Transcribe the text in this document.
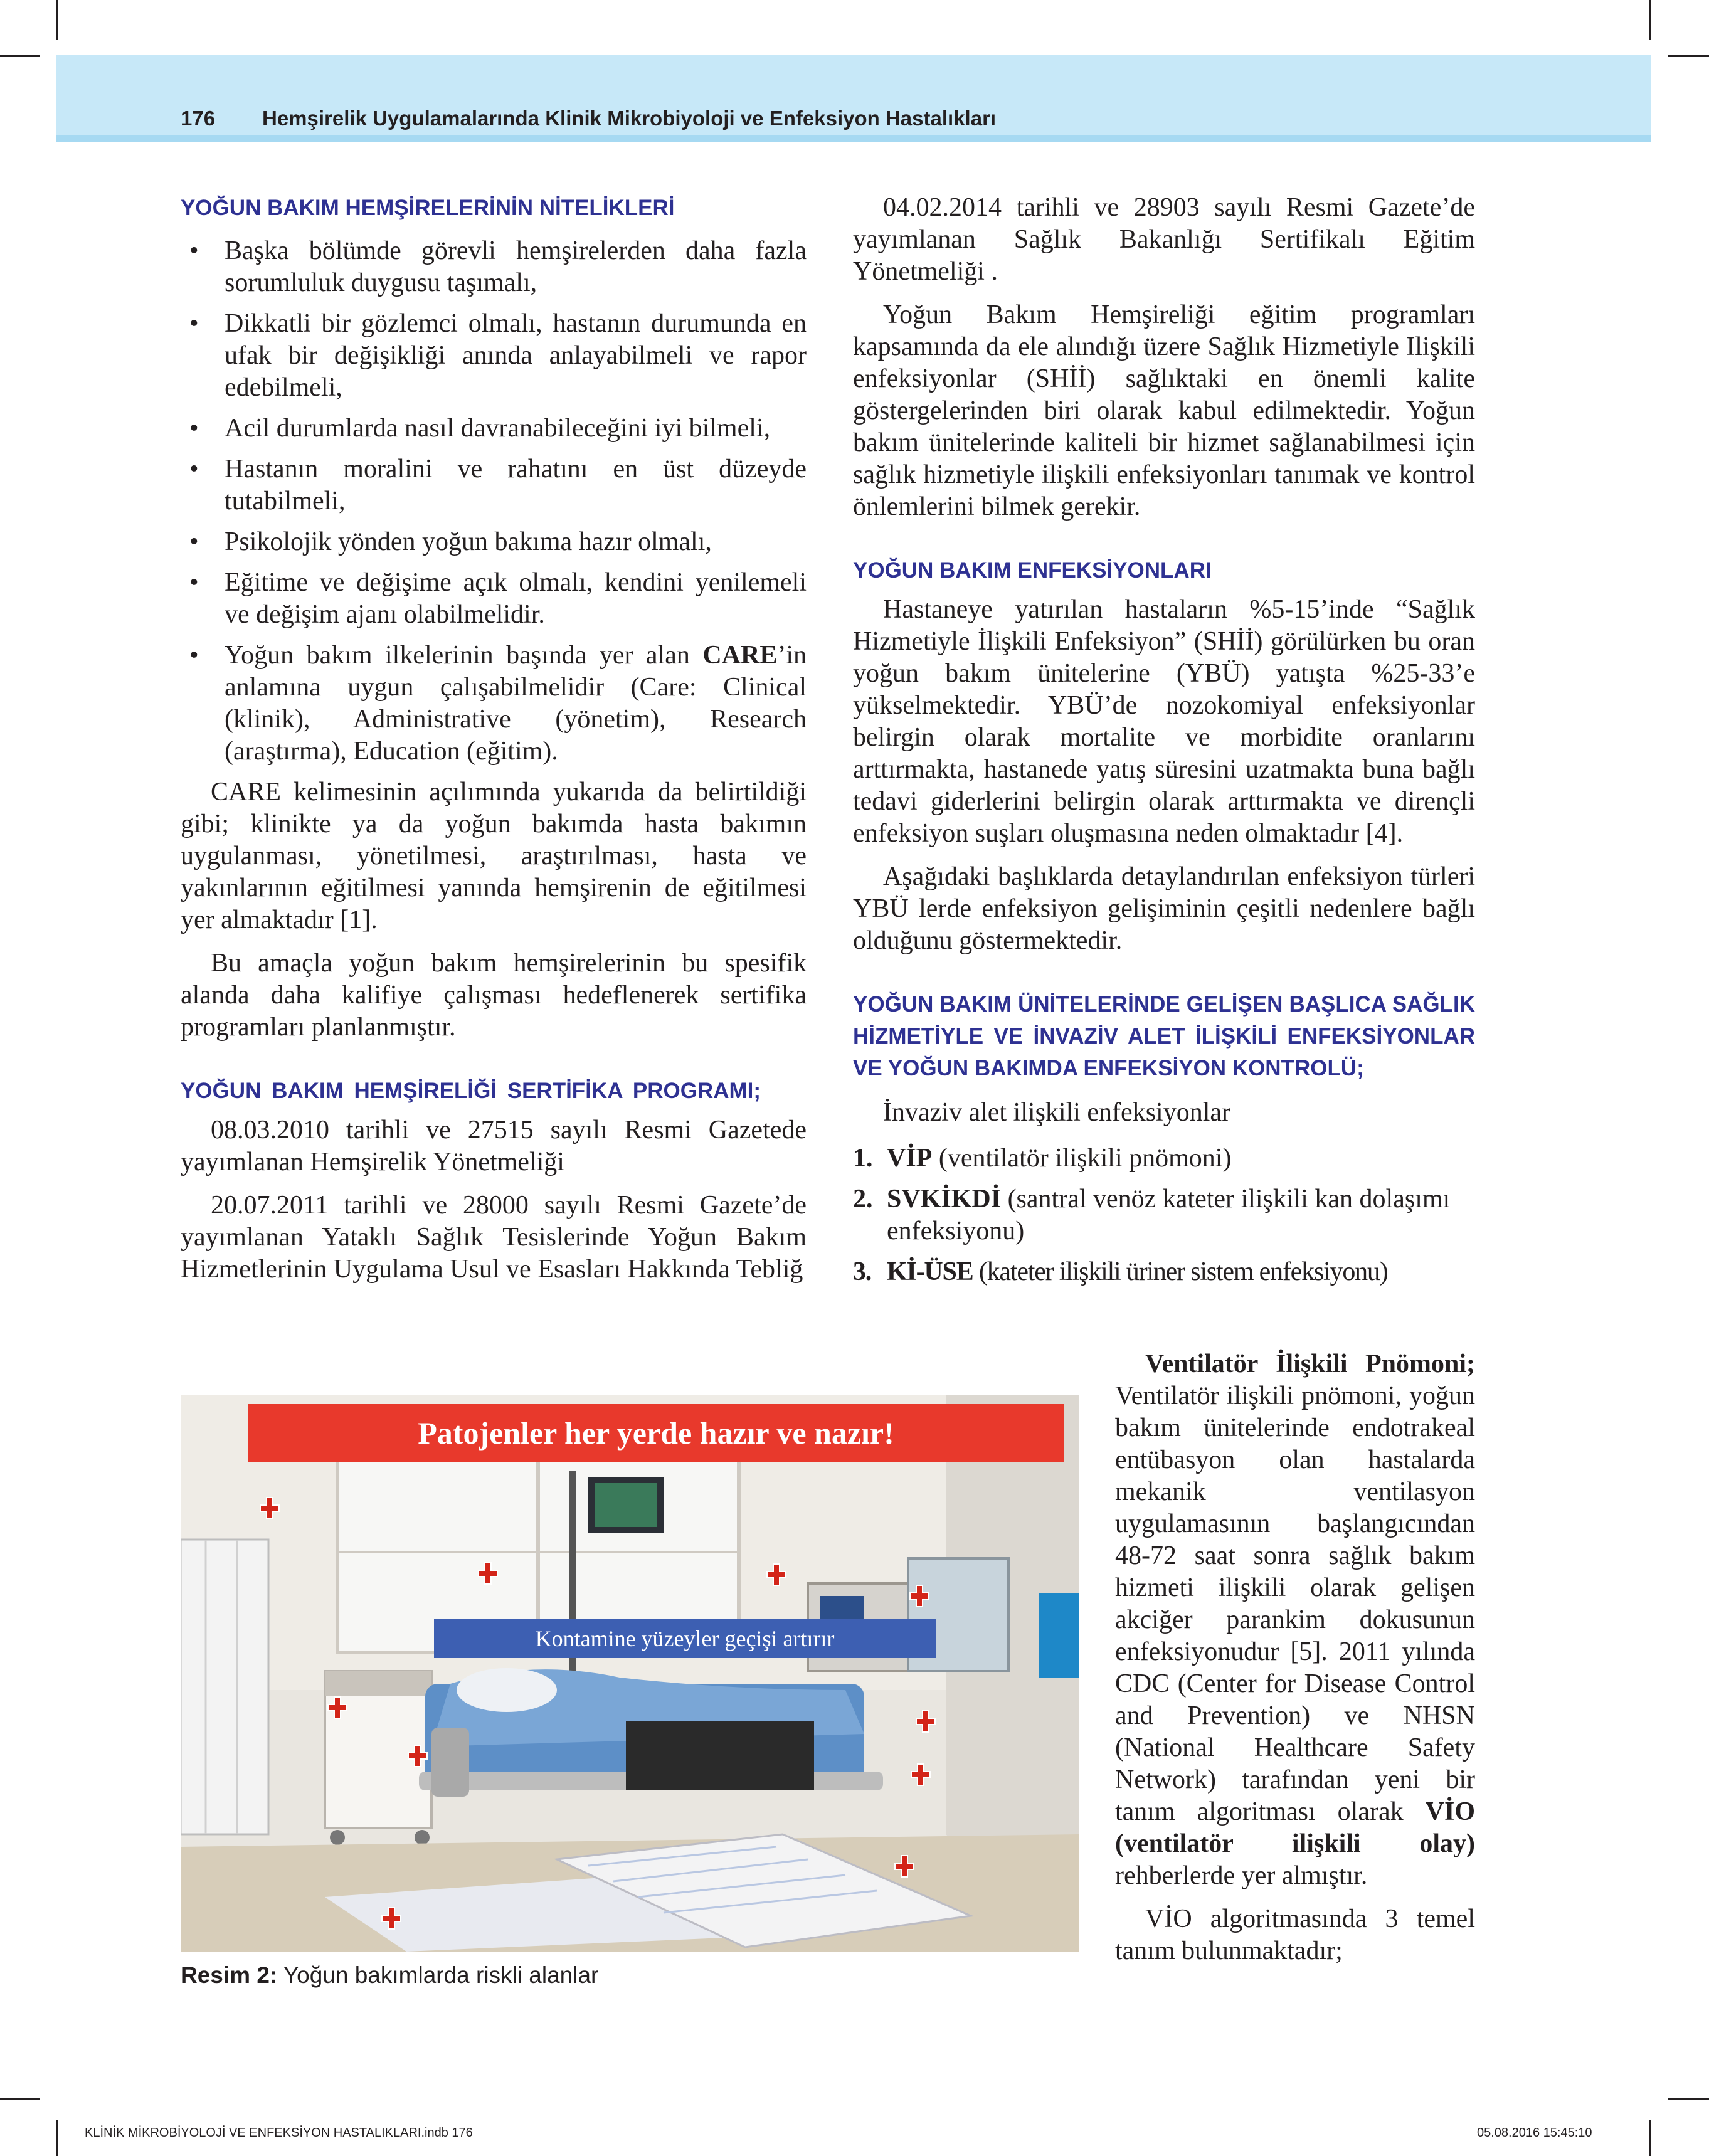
176 Hemşirelik Uygulamalarında Klinik Mikrobiyoloji ve Enfeksiyon Hastalıkları
YOĞUN BAKIM HEMŞİRELERİNİN NİTELİKLERİ
• Başka bölümde görevli hemşirelerden daha fazla sorumluluk duygusu taşımalı,
• Dikkatli bir gözlemci olmalı, hastanın durumunda en ufak bir değişikliği anında anlayabilmeli ve rapor edebilmeli,
• Acil durumlarda nasıl davranabileceğini iyi bilmeli,
• Hastanın moralini ve rahatını en üst düzeyde tutabilmeli,
• Psikolojik yönden yoğun bakıma hazır olmalı,
• Eğitime ve değişime açık olmalı, kendini yenilemeli ve değişim ajanı olabilmelidir.
• Yoğun bakım ilkelerinin başında yer alan CARE’in anlamına uygun çalışabilmelidir (Care: Clinical (klinik), Administrative (yönetim), Research (araştırma), Education (eğitim).

CARE kelimesinin açılımında yukarıda da belirtildiği gibi; klinikte ya da yoğun bakımda hasta bakımın uygulanması, yönetilmesi, araştırılması, hasta ve yakınlarının eğitilmesi yanında hemşirenin de eğitilmesi yer almaktadır [1].

Bu amaçla yoğun bakım hemşirelerinin bu spesifik alanda daha kalifiye çalışması hedeflenerek sertifika programları planlanmıştır.

YOĞUN BAKIM HEMŞİRELİĞİ SERTİFİKA PROGRAMI;

08.03.2010 tarihli ve 27515 sayılı Resmi Gazetede yayımlanan Hemşirelik Yönetmeliği

20.07.2011 tarihli ve 28000 sayılı Resmi Gazete’de yayımlanan Yataklı Sağlık Tesislerinde Yoğun Bakım Hizmetlerinin Uygulama Usul ve Esasları Hakkında Tebliğ

04.02.2014 tarihli ve 28903 sayılı Resmi Gazete’de yayımlanan Sağlık Bakanlığı Sertifikalı Eğitim Yönetmeliği .

Yoğun Bakım Hemşireliği eğitim programları kapsamında da ele alındığı üzere Sağlık Hizmetiyle Ilişkili enfeksiyonlar (SHİİ) sağlıktaki en önemli kalite göstergelerinden biri olarak kabul edilmektedir. Yoğun bakım ünitelerinde kaliteli bir hizmet sağlanabilmesi için sağlık hizmetiyle ilişkili enfeksiyonları tanımak ve kontrol önlemlerini bilmek gerekir.

YOĞUN BAKIM ENFEKSİYONLARI

Hastaneye yatırılan hastaların %5-15’inde “Sağlık Hizmetiyle İlişkili Enfeksiyon” (SHİİ) görülürken bu oran yoğun bakım ünitelerine (YBÜ) yatışta %25-33’e yükselmektedir. YBÜ’de nozokomiyal enfeksiyonlar belirgin olarak mortalite ve morbidite oranlarını arttırmakta, hastanede yatış süresini uzatmakta buna bağlı tedavi giderlerini belirgin olarak arttırmakta ve dirençli enfeksiyon suşları oluşmasına neden olmaktadır [4].

Aşağıdaki başlıklarda detaylandırılan enfeksiyon türleri YBÜ lerde enfeksiyon gelişiminin çeşitli nedenlere bağlı olduğunu göstermektedir.

YOĞUN BAKIM ÜNİTELERİNDE GELİŞEN BAŞLICA SAĞLIK HİZMETİYLE VE İNVAZİV ALET İLİŞKİLİ ENFEKSİYONLAR VE YOĞUN BAKIMDA ENFEKSİYON KONTROLÜ;

İnvaziv alet ilişkili enfeksiyonlar

1. VİP (ventilatör ilişkili pnömoni)
2. SVKİKDİ (santral venöz kateter ilişkili kan dolaşımı enfeksiyonu)
3. Kİ-ÜSE (kateter ilişkili üriner sistem enfeksiyonu)

Ventilatör İlişkili Pnömoni; Ventilatör ilişkili pnömoni, yoğun bakım ünitelerinde endotrakeal entübasyon olan hastalarda mekanik ventilasyon uygulamasının başlangıcından 48-72 saat sonra sağlık bakım hizmeti ilişkili olarak gelişen akciğer parankim dokusunun enfeksiyonudur [5]. 2011 yılında CDC (Center for Disease Control and Prevention) ve NHSN (National Healthcare Safety Network) tarafından yeni bir tanım algoritması olarak VİO (ventilatör ilişkili olay) rehberlerde yer almıştır.

VİO algoritmasında 3 temel tanım bulunmaktadır;

Patojenler her yerde hazır ve nazır!
Kontamine yüzeyler geçişi artırır
Resim 2: Yoğun bakımlarda riskli alanlar
KLİNİK MİKROBİYOLOJİ VE ENFEKSİYON HASTALIKLARI.indb 176	05.08.2016 15:45:10
